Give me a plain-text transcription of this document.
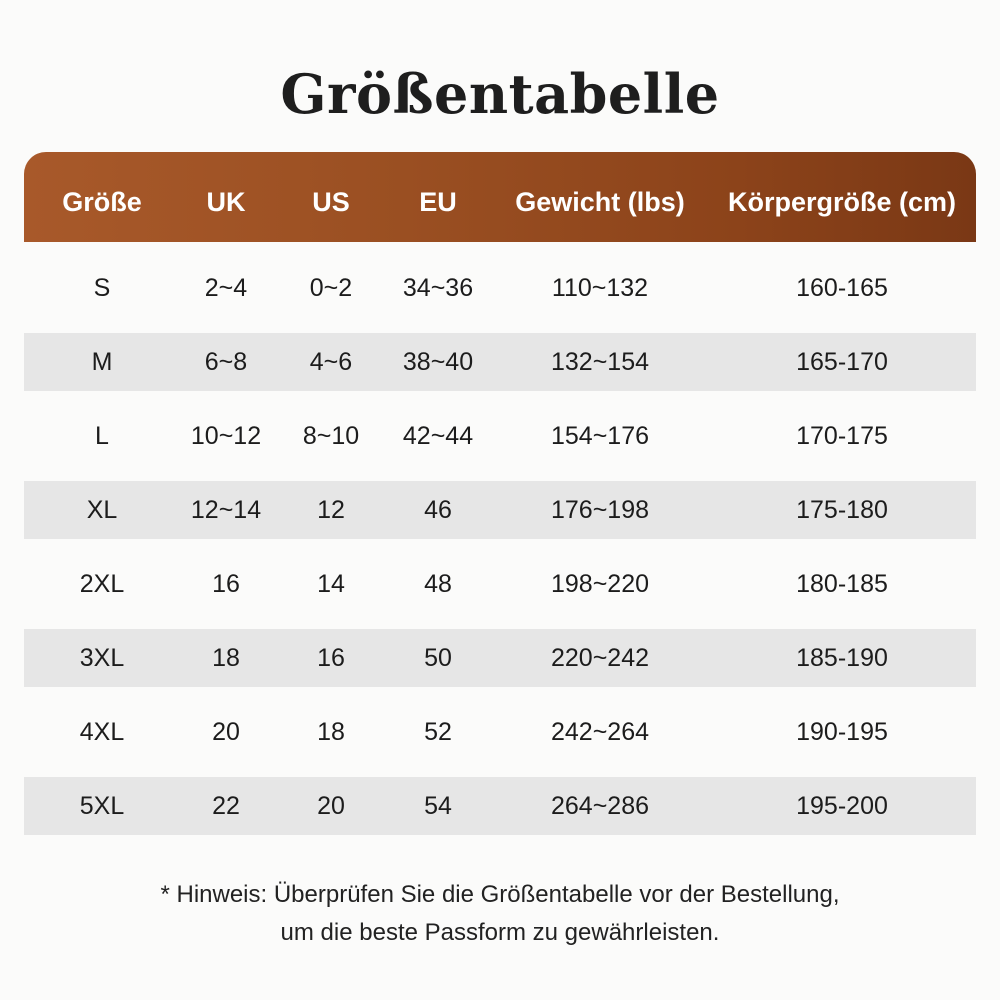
Größentabelle
Größe	UK	US	EU	Gewicht (lbs)	Körpergröße (cm)
S	2~4	0~2	34~36	110~132	160-165
M	6~8	4~6	38~40	132~154	165-170
L	10~12	8~10	42~44	154~176	170-175
XL	12~14	12	46	176~198	175-180
2XL	16	14	48	198~220	180-185
3XL	18	16	50	220~242	185-190
4XL	20	18	52	242~264	190-195
5XL	22	20	54	264~286	195-200
* Hinweis: Überprüfen Sie die Größentabelle vor der Bestellung,
um die beste Passform zu gewährleisten.
